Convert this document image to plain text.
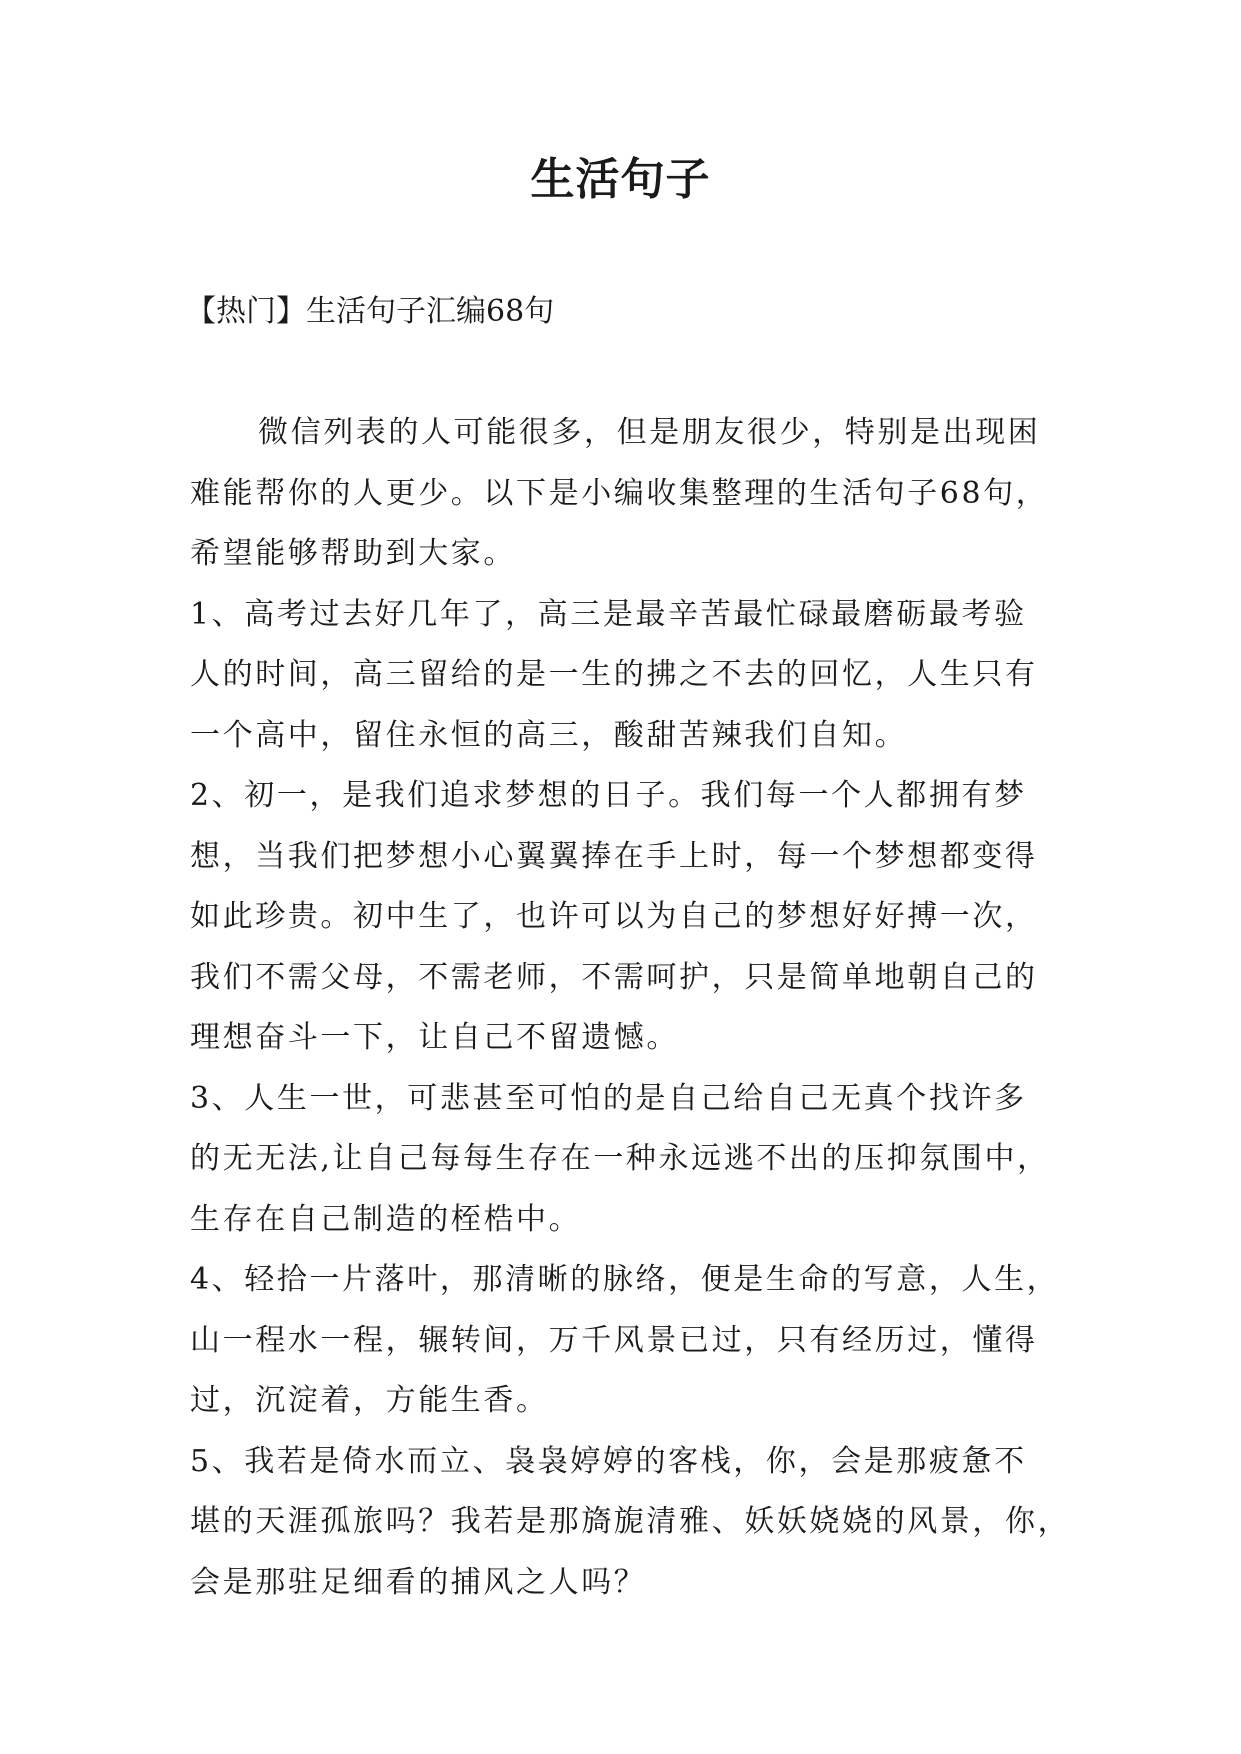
生活句子
【热门】生活句子汇编68句

微信列表的人可能很多，但是朋友很少，特别是出现困
难能帮你的人更少。以下是小编收集整理的生活句子68句，
希望能够帮助到大家。

1、高考过去好几年了，高三是最辛苦最忙碌最磨砺最考验
人的时间，高三留给的是一生的拂之不去的回忆，人生只有
一个高中，留住永恒的高三，酸甜苦辣我们自知。

2、初一，是我们追求梦想的日子。我们每一个人都拥有梦
想，当我们把梦想小心翼翼捧在手上时，每一个梦想都变得
如此珍贵。初中生了，也许可以为自己的梦想好好搏一次，
我们不需父母，不需老师，不需呵护，只是简单地朝自己的
理想奋斗一下，让自己不留遗憾。

3、人生一世，可悲甚至可怕的是自己给自己无真个找许多
的无无法,让自己每每生存在一种永远逃不出的压抑氛围中，
生存在自己制造的桎梏中。

4、轻拾一片落叶，那清晰的脉络，便是生命的写意，人生，
山一程水一程，辗转间，万千风景已过，只有经历过，懂得
过，沉淀着，方能生香。

5、我若是倚水而立、袅袅婷婷的客栈，你，会是那疲惫不
堪的天涯孤旅吗？我若是那旖旎清雅、妖妖娆娆的风景，你，
会是那驻足细看的捕风之人吗？
